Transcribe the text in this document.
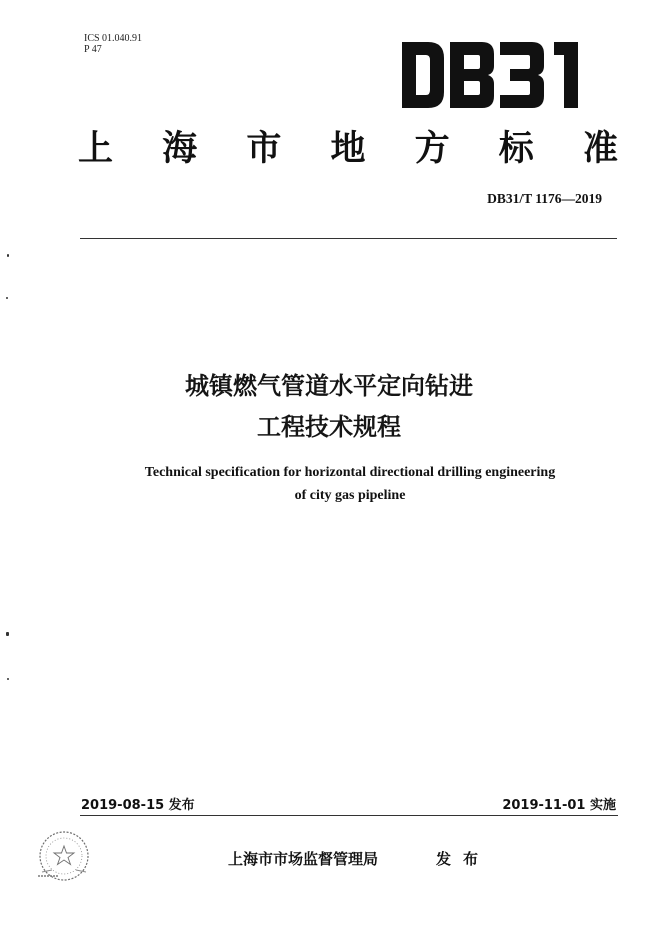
ICS 01.040.91
P 47
上 海 市 地 方 标 准
DB31/T 1176—2019
城镇燃气管道水平定向钻进
工程技术规程
Technical specification for horizontal directional drilling engineering
of city gas pipeline
2019-08-15 发布	2019-11-01 实施
上海市市场监督管理局	发布
